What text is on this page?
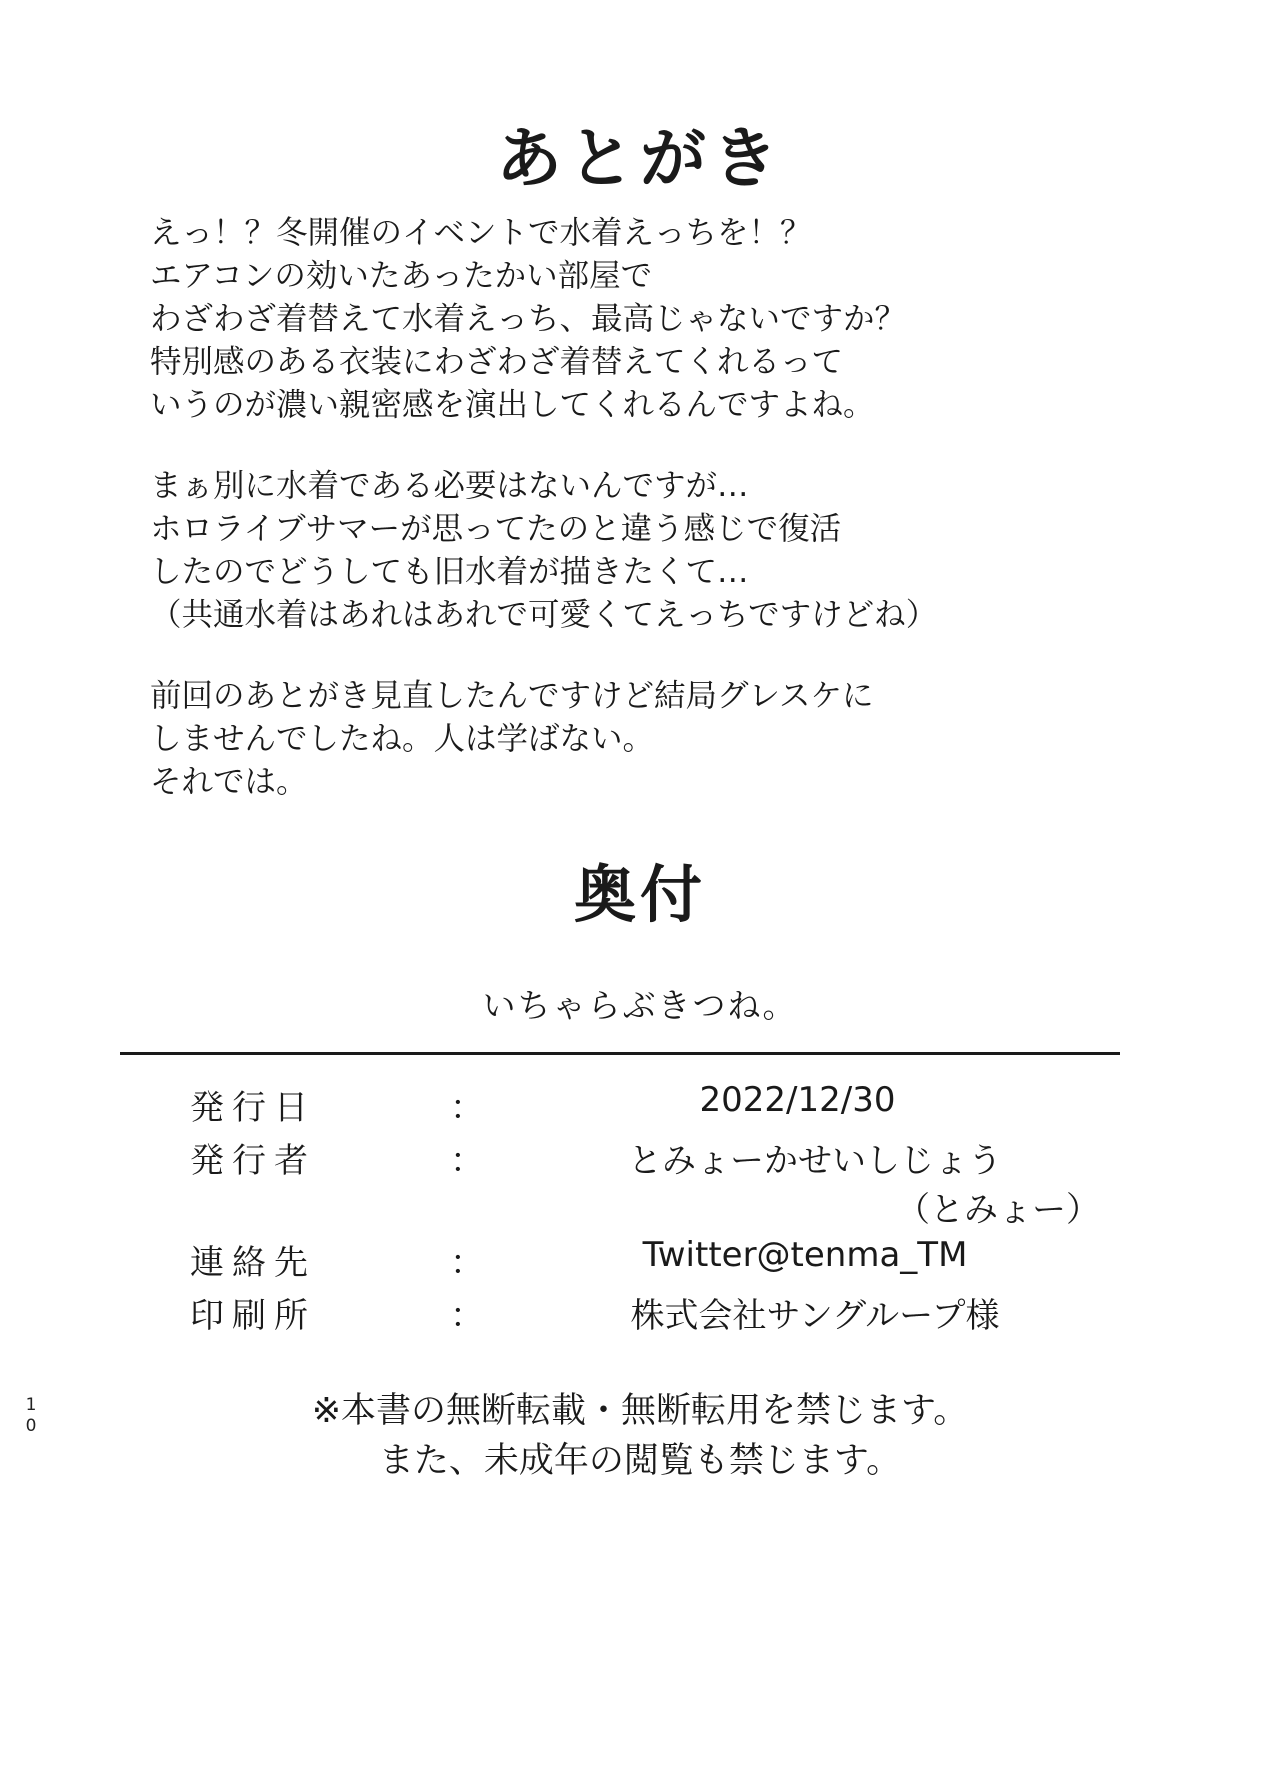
10
あとがき

えっ！？冬開催のイベントで水着えっちを！？
エアコンの効いたあったかい部屋で
わざわざ着替えて水着えっち、最高じゃないですか？
特別感のある衣装にわざわざ着替えてくれるって
いうのが濃い親密感を演出してくれるんですよね。

まぁ別に水着である必要はないんですが…
ホロライブサマーが思ってたのと違う感じで復活
したのでどうしても旧水着が描きたくて…
（共通水着はあれはあれで可愛くてえっちですけどね）

前回のあとがき見直したんですけど結局グレスケに
しませんでしたね。人は学ばない。
それでは。

奥付
いちゃらぶきつね。
発行日	：	2022/12/30
発行者	：	とみょーかせいしじょう
（とみょー）

連絡先	：	Twitter@tenma_TM
印刷所	：	株式会社サングループ様
※本書の無断転載・無断転用を禁じます。
また、未成年の閲覧も禁じます。
